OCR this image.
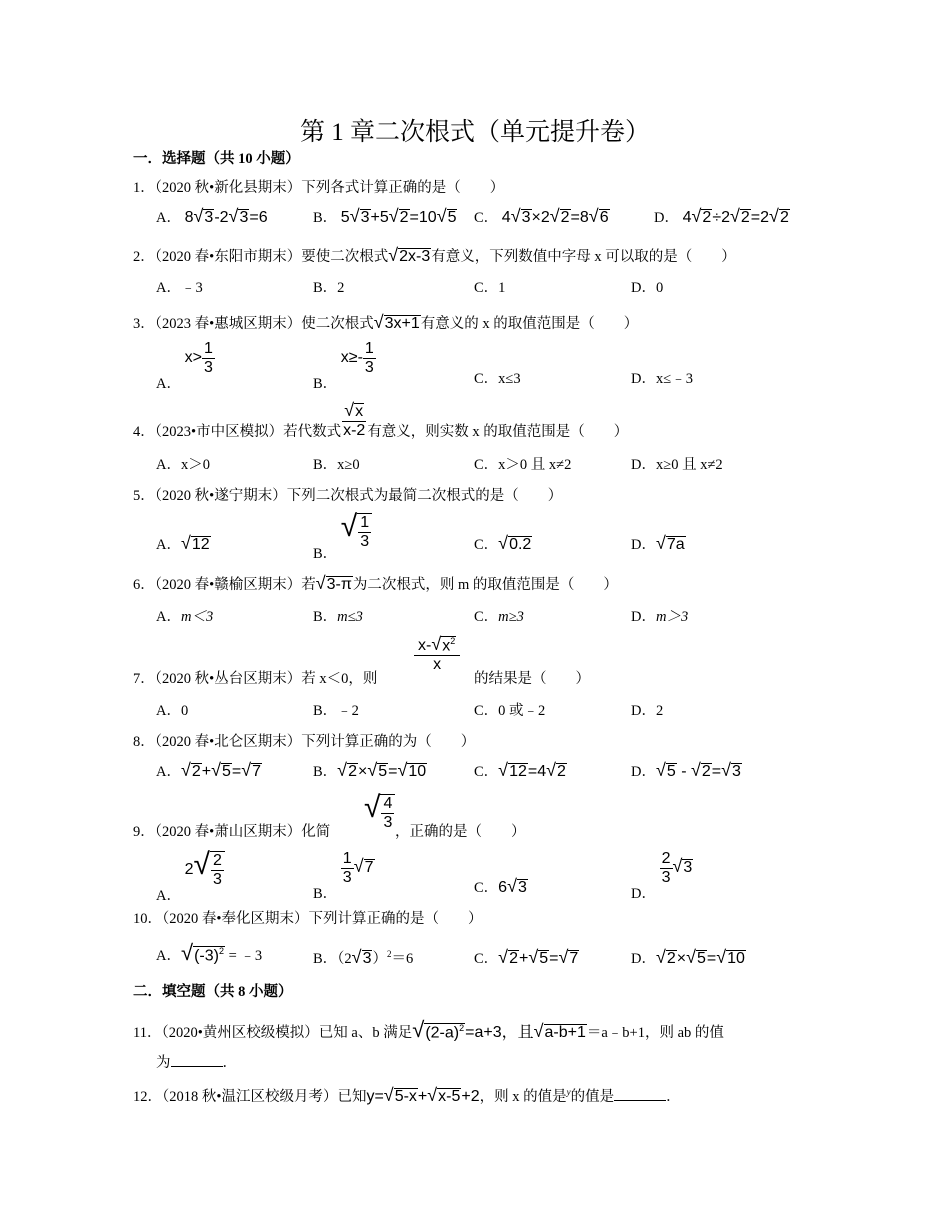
第 1 章二次根式（单元提升卷）
一．选择题（共 10 小题）
1．（2020 秋•新化县期末）下列各式计算正确的是（　　）
A． 8√3-2√3=6	B． 5√3+5√2=10√5 C． 4√3×2√2=8√6	D． 4√2÷2√2=2√2
2．（2020 春•东阳市期末）要使二次根式√2x-3有意义，下列数值中字母 x 可以取的是（　　）
A．﹣3	B．2	C．1	D．0
3．（2023 春•惠城区期末）使二次根式√3x+1有意义的 x 的取值范围是（　　）
A． $x> \frac{1}{3}$
B． $x\ge- \frac{1}{3}$
C．x≤3	D．x≤﹣3
4．（2023•市中区模拟）若代数式 $\frac{√x}{x-2}$ 有意义，则实数 x 的取值范围是（　　）
A．x＞0	B．x≥0	C．x＞0 且 x≠2	D．x≥0 且 x≠2
5．（2020 秋•遂宁期末）下列二次根式为最简二次根式的是（　　）
A．√12
B． √ $\frac{1}{3}$	C．√0.2	D．√7a
6．（2020 春•赣榆区期末）若√3-π为二次根式，则 m 的取值范围是（　　）
A．m＜3	B．m≤3	C．m≥3	D．m＞3
7．（2020 秋•丛台区期末）若 x＜0，则
$\frac{x-√x^2}{x}$
的结果是（　　）
A．0	B．﹣2	C．0 或﹣2	D．2
8．（2020 春•北仑区期末）下列计算正确的为（　　）
A．√2+√5=√7	B．√2×√5=√10	C．√12=4√2	D．√5 - √2=√3
9．（2020 春•萧山区期末）化简
√ $\frac{4}{3}$
，正确的是（　　）
A． $2√ \frac{2}{3}$
B．
$\frac{1}{3} √7$
C．6√3	D．
$\frac{2}{3} √3$
10．（2020 春•奉化区期末）下列计算正确的是（　　）
A．$√(-3)^2$ = ﹣3	B．$(2√3)^2=6$	C．√2+√5=√7	D．√2×√5=√10
二．填空题（共 8 小题）
11．（2020•黄州区校级模拟）已知 a、b 满足$√(2-a)^2=a+3$，且√a-b+1＝a﹣b+1，则 ab 的值
为	．
12．（2018 秋•温江区校级月考）已知y=√5-x+√x-5+2，则 x 的值是$^y$的值是	．
